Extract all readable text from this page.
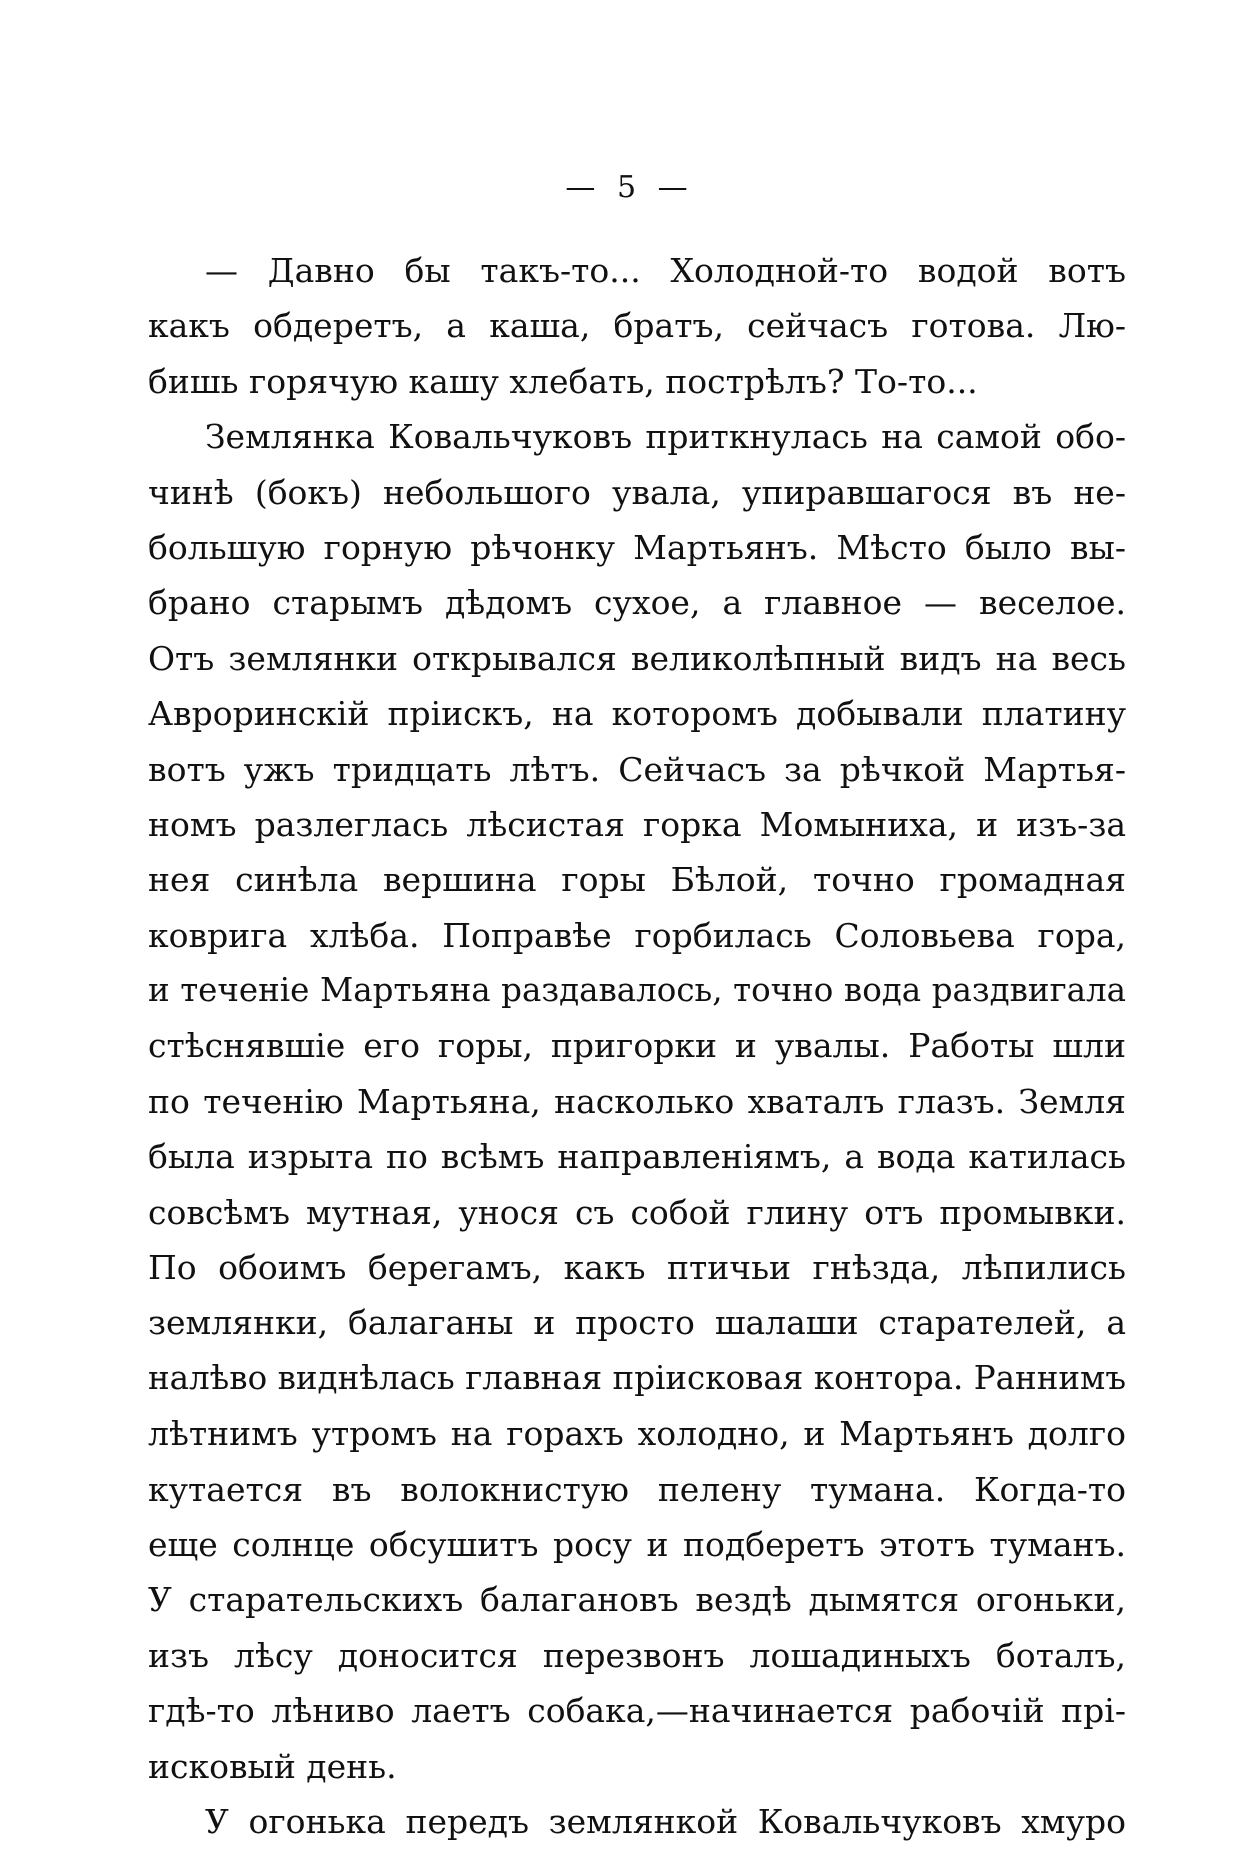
— 5 —
— Давно бы такъ-то... Холодной-то водой вотъ
какъ обдеретъ, а каша, братъ, сейчасъ готова. Лю-
бишь горячую кашу хлебать, пострѣлъ? То-то...
Землянка Ковальчуковъ приткнулась на самой обо-
чинѣ (бокъ) небольшого увала, упиравшагося въ не-
большую горную рѣчонку Мартьянъ. Мѣсто было вы-
брано старымъ дѣдомъ сухое, а главное — веселое.
Отъ землянки открывался великолѣпный видъ на весь
Авроринскій пріискъ, на которомъ добывали платину
вотъ ужъ тридцать лѣтъ. Сейчасъ за рѣчкой Мартья-
номъ разлеглась лѣсистая горка Момыниха, и изъ-за
нея синѣла вершина горы Бѣлой, точно громадная
коврига хлѣба. Поправѣе горбилась Соловьева гора,
и теченіе Мартьяна раздавалось, точно вода раздвигала
стѣснявшіе его горы, пригорки и увалы. Работы шли
по теченію Мартьяна, насколько хваталъ глазъ. Земля
была изрыта по всѣмъ направленіямъ, а вода катилась
совсѣмъ мутная, унося съ собой глину отъ промывки.
По обоимъ берегамъ, какъ птичьи гнѣзда, лѣпились
землянки, балаганы и просто шалаши старателей, а
налѣво виднѣлась главная пріисковая контора. Раннимъ
лѣтнимъ утромъ на горахъ холодно, и Мартьянъ долго
кутается въ волокнистую пелену тумана. Когда-то
еще солнце обсушитъ росу и подберетъ этотъ туманъ.
У старательскихъ балагановъ вездѣ дымятся огоньки,
изъ лѣсу доносится перезвонъ лошадиныхъ боталъ,
гдѣ-то лѣниво лаетъ собака,—начинается рабочій прі-
исковый день.
У огонька передъ землянкой Ковальчуковъ хмуро
